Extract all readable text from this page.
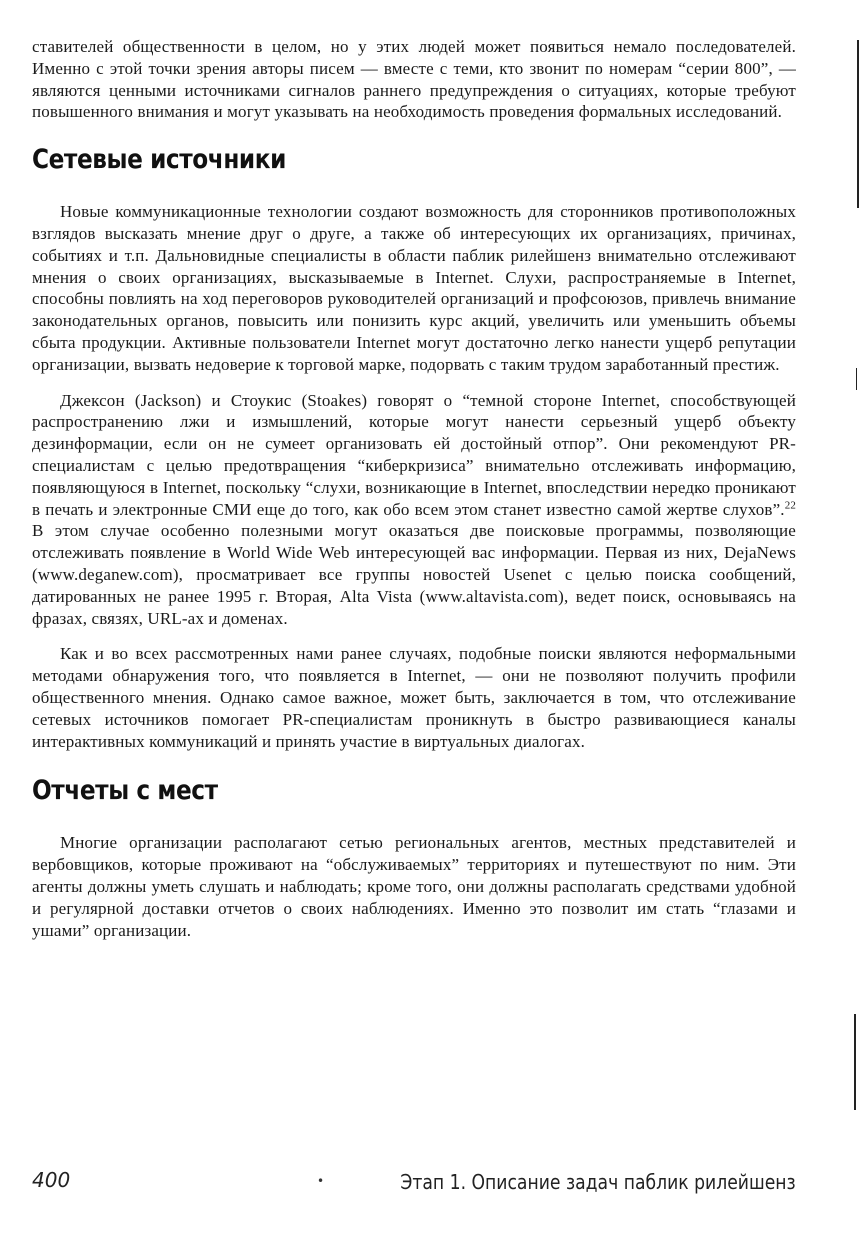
ставителей общественности в целом, но у этих людей может появиться немало последователей. Именно с этой точки зрения авторы писем — вместе с теми, кто звонит по номерам “серии 800”, — являются ценными источниками сигналов раннего предупреждения о ситуациях, которые требуют повышенного внимания и могут указывать на необходимость проведения формальных исследований.

Сетевые источники

Новые коммуникационные технологии создают возможность для сторонников противоположных взглядов высказать мнение друг о друге, а также об интересующих их организациях, причинах, событиях и т.п. Дальновидные специалисты в области паблик рилейшенз внимательно отслеживают мнения о своих организациях, высказываемые в Internet. Слухи, распространяемые в Internet, способны повлиять на ход переговоров руководителей организаций и профсоюзов, привлечь внимание законодательных органов, повысить или понизить курс акций, увеличить или уменьшить объемы сбыта продукции. Активные пользователи Internet могут достаточно легко нанести ущерб репутации организации, вызвать недоверие к торговой марке, подорвать с таким трудом заработанный престиж.

Джексон (Jackson) и Стоукис (Stoakes) говорят о “темной стороне Internet, способствующей распространению лжи и измышлений, которые могут нанести серьезный ущерб объекту дезинформации, если он не сумеет организовать ей достойный отпор”. Они рекомендуют PR-специалистам с целью предотвращения “киберкризиса” внимательно отслеживать информацию, появляющуюся в Internet, поскольку “слухи, возникающие в Internet, впоследствии нередко проникают в печать и электронные СМИ еще до того, как обо всем этом станет известно самой жертве слухов”.$^{22}$ В этом случае особенно полезными могут оказаться две поисковые программы, позволяющие отслеживать появление в World Wide Web интересующей вас информации. Первая из них, DejaNews (www.deganew.com), просматривает все группы новостей Usenet с целью поиска сообщений, датированных не ранее 1995 г. Вторая, Alta Vista (www.altavista.com), ведет поиск, основываясь на фразах, связях, URL-ах и доменах.

Как и во всех рассмотренных нами ранее случаях, подобные поиски являются неформальными методами обнаружения того, что появляется в Internet, — они не позволяют получить профили общественного мнения. Однако самое важное, может быть, заключается в том, что отслеживание сетевых источников помогает PR-специалистам проникнуть в быстро развивающиеся каналы интерактивных коммуникаций и принять участие в виртуальных диалогах.

Отчеты с мест

Многие организации располагают сетью региональных агентов, местных представителей и вербовщиков, которые проживают на “обслуживаемых” территориях и путешествуют по ним. Эти агенты должны уметь слушать и наблюдать; кроме того, они должны располагать средствами удобной и регулярной доставки отчетов о своих наблюдениях. Именно это позволит им стать “глазами и ушами” организации.

400	•	Этап 1. Описание задач паблик рилейшенз
